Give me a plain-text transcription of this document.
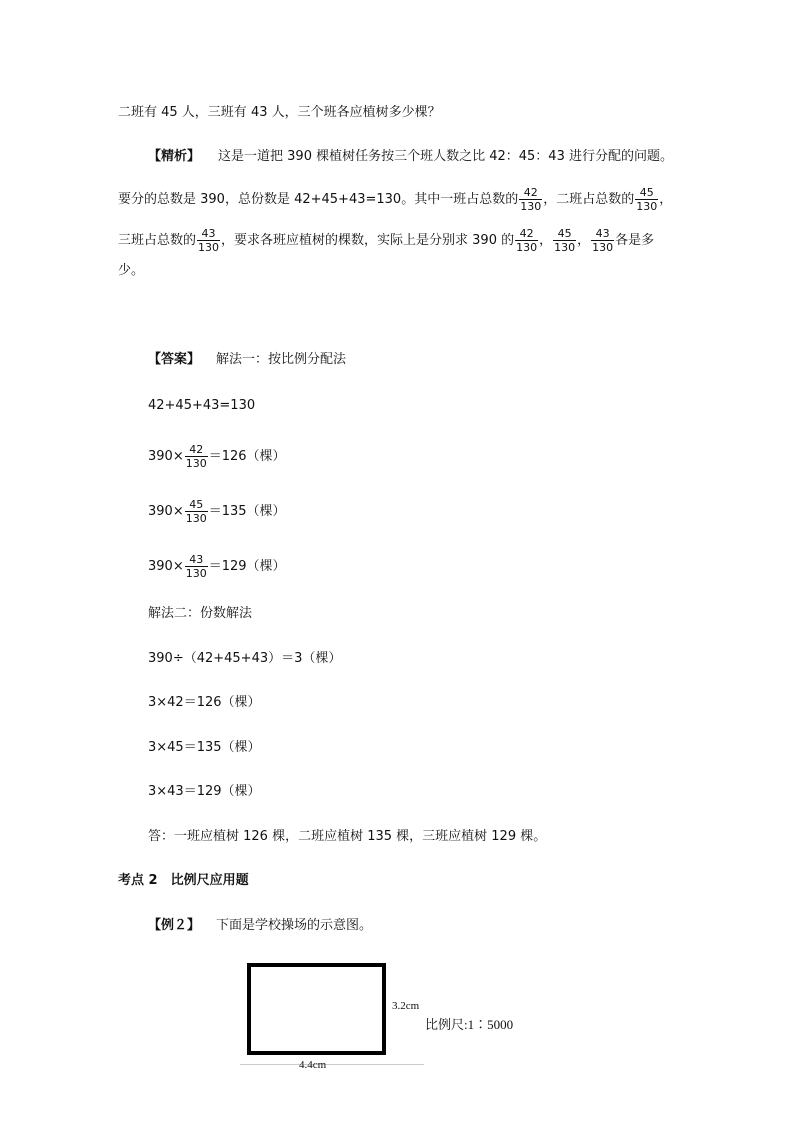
二班有 45 人，三班有 43 人，三个班各应植树多少棵？
【精析】 这是一道把 390 棵植树任务按三个班人数之比 42：45：43 进行分配的问题。
要分的总数是 390，总份数是 42+45+43=130。其中一班占总数的 $\frac{42}{130}$ ，二班占总数的 $\frac{45}{130}$ ，
三班占总数的 $\frac{43}{130}$ ，要求各班应植树的棵数，实际上是分别求 390 的 $\frac{42}{130}$ ， $\frac{45}{130}$ ， $\frac{43}{130}$ 各是多
少。
【答案】 解法一：按比例分配法
42+45+43=130
$390\times \frac{42}{130} =126$（棵）
$390\times \frac{45}{130} =135$（棵）
$390\times \frac{43}{130} =129$（棵）
解法二：份数解法
390÷（42+45+43）＝3（棵）
3×42＝126（棵）
3×45＝135（棵）
3×43＝129（棵）
答：一班应植树 126 棵，二班应植树 135 棵，三班应植树 129 棵。
考点 2　比例尺应用题
【例２】 下面是学校操场的示意图。
3.2cm
比例尺:1∶5000
4.4cm
